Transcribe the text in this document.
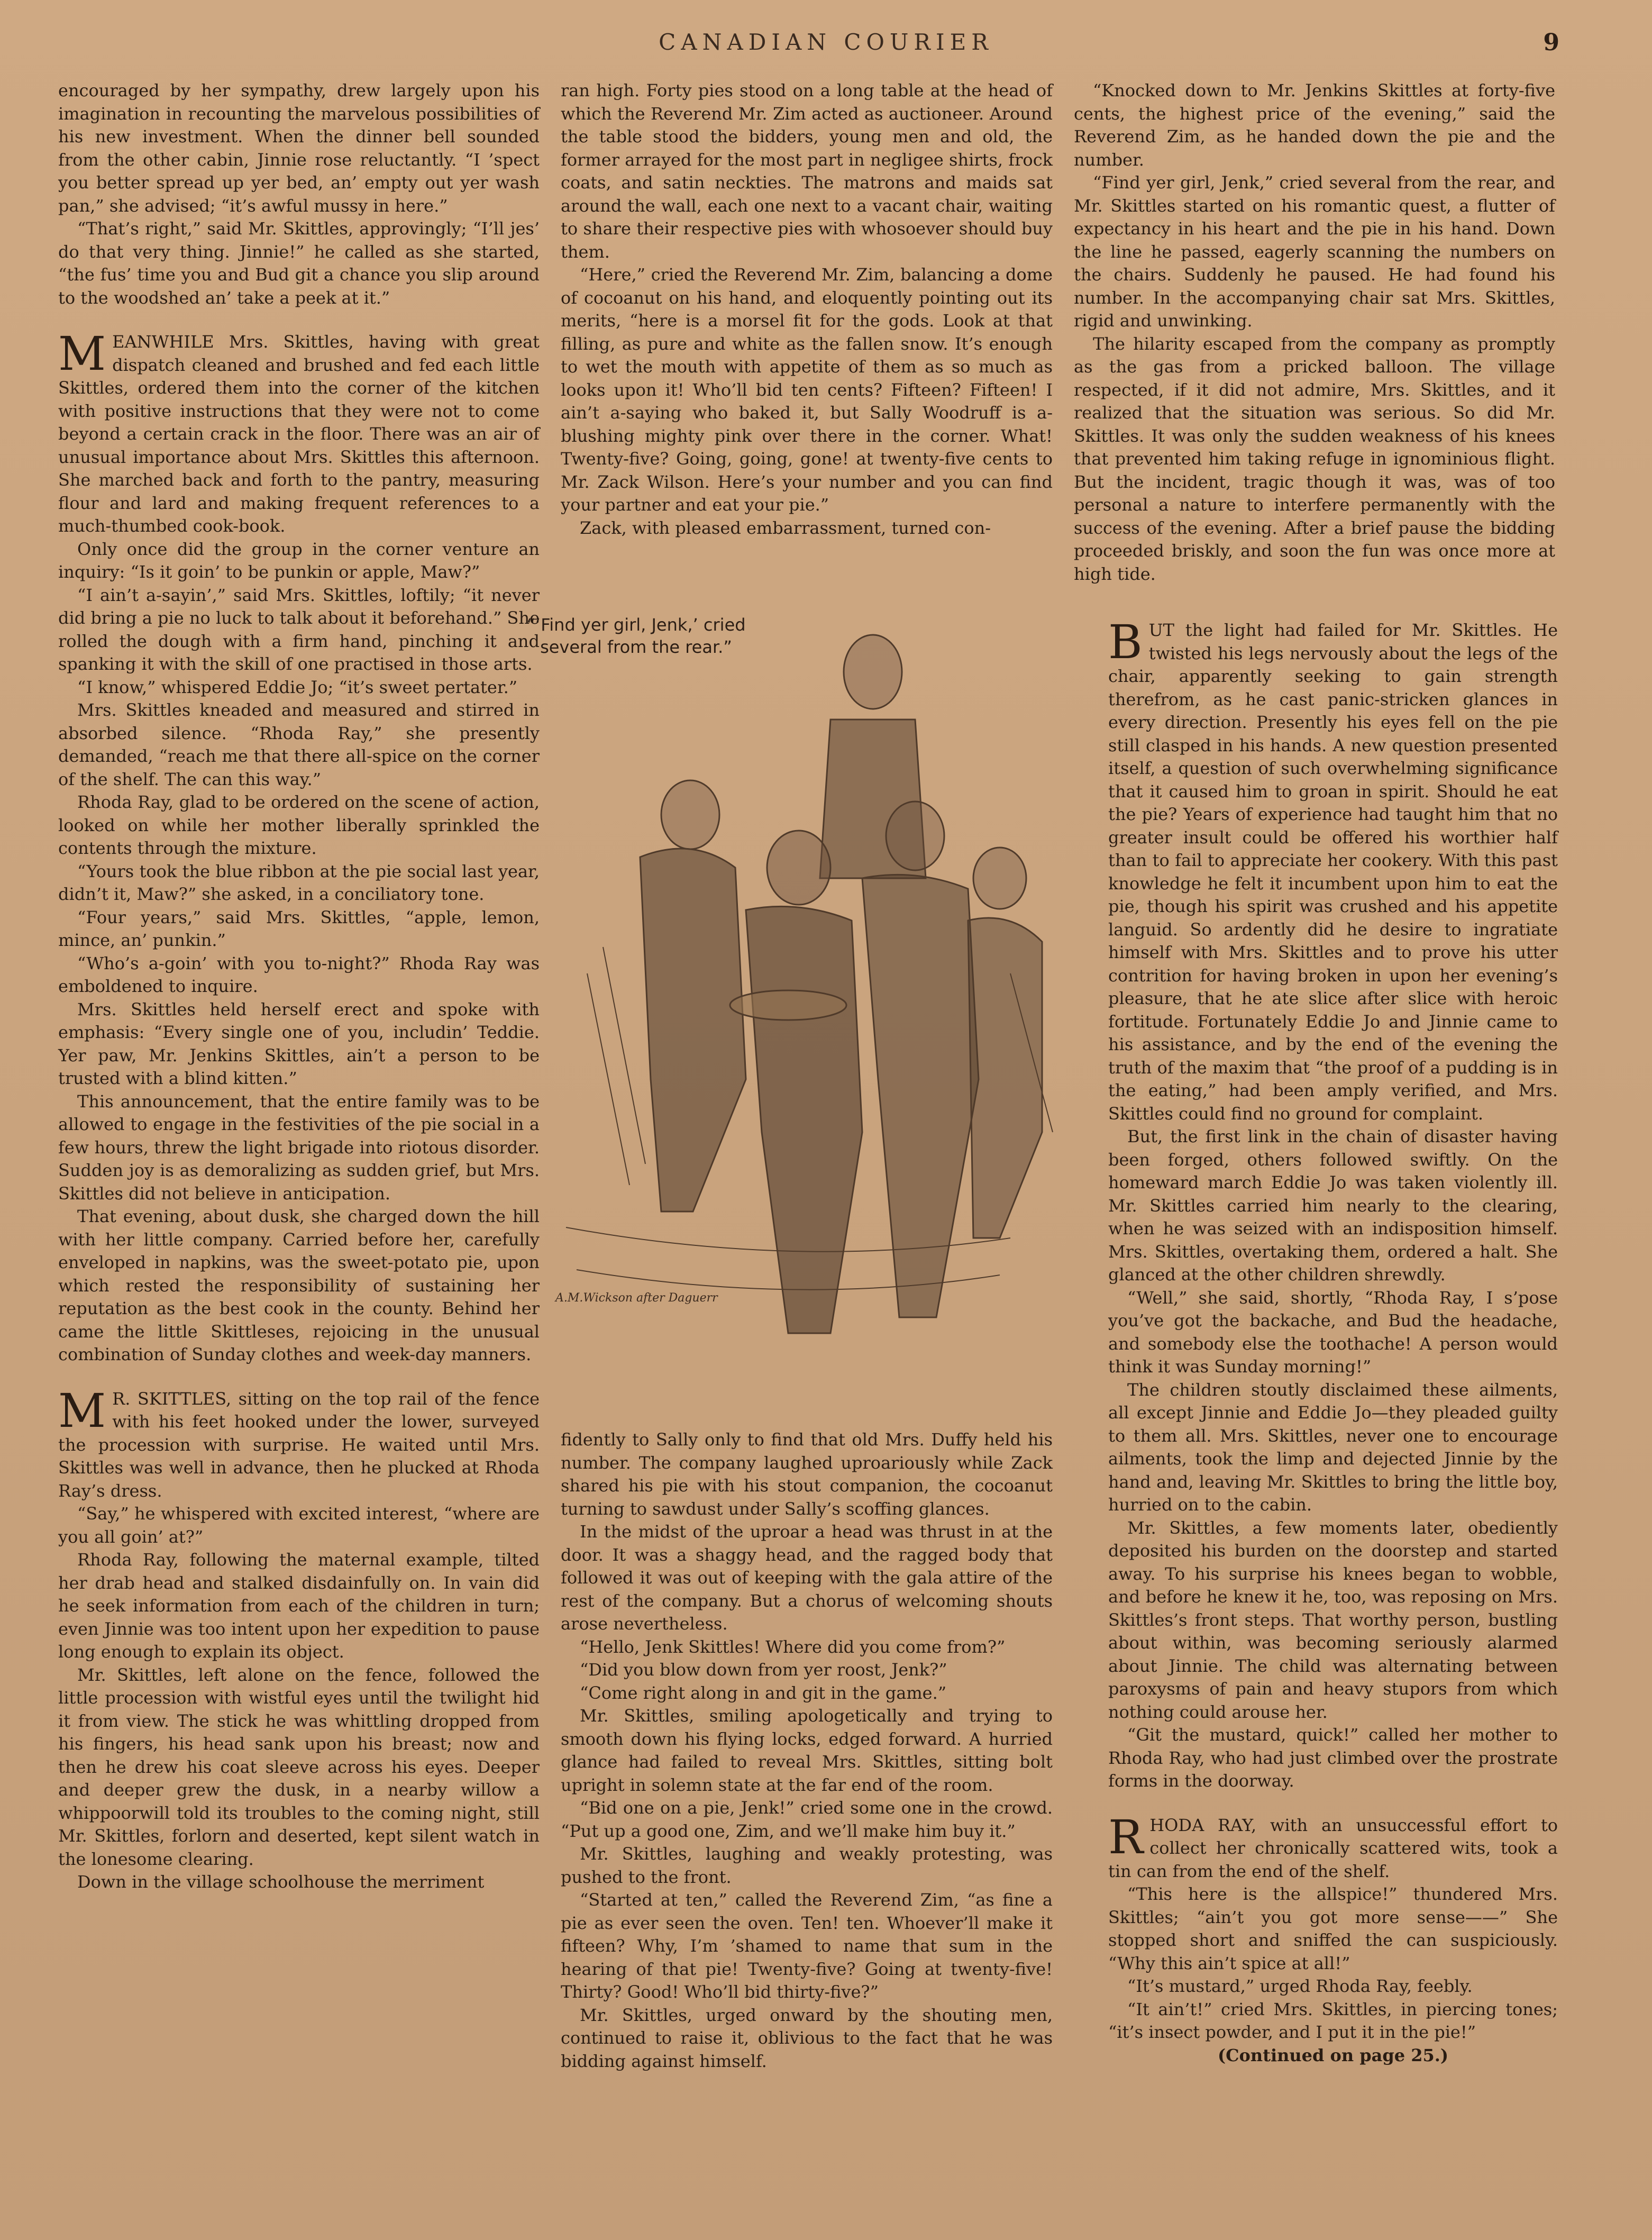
CANADIAN COURIER	9

encouraged by her sympathy, drew largely upon his imagination in recounting the marvelous possibilities of his new investment. When the dinner bell sounded from the other cabin, Jinnie rose reluctantly. “I ’spect you better spread up yer bed, an’ empty out yer wash pan,” she advised; “it’s awful mussy in here.”

“That’s right,” said Mr. Skittles, approvingly; “I’ll jes’ do that very thing. Jinnie!” he called as she started, “the fus’ time you and Bud git a chance you slip around to the woodshed an’ take a peek at it.”

MEANWHILE Mrs. Skittles, having with great dispatch cleaned and brushed and fed each little Skittles, ordered them into the corner of the kitchen with positive instructions that they were not to come beyond a certain crack in the floor. There was an air of unusual importance about Mrs. Skittles this afternoon. She marched back and forth to the pantry, measuring flour and lard and making frequent references to a much-thumbed cook-book.

Only once did the group in the corner venture an inquiry: “Is it goin’ to be punkin or apple, Maw?”

“I ain’t a-sayin’,” said Mrs. Skittles, loftily; “it never did bring a pie no luck to talk about it beforehand.” She rolled the dough with a firm hand, pinching it and spanking it with the skill of one practised in those arts.

“I know,” whispered Eddie Jo; “it’s sweet pertater.”

Mrs. Skittles kneaded and measured and stirred in absorbed silence. “Rhoda Ray,” she presently demanded, “reach me that there all-spice on the corner of the shelf. The can this way.”

Rhoda Ray, glad to be ordered on the scene of action, looked on while her mother liberally sprinkled the contents through the mixture.

“Yours took the blue ribbon at the pie social last year, didn’t it, Maw?” she asked, in a conciliatory tone.

“Four years,” said Mrs. Skittles, “apple, lemon, mince, an’ punkin.”

“Who’s a-goin’ with you to-night?” Rhoda Ray was emboldened to inquire.

Mrs. Skittles held herself erect and spoke with emphasis: “Every single one of you, includin’ Teddie. Yer paw, Mr. Jenkins Skittles, ain’t a person to be trusted with a blind kitten.”

This announcement, that the entire family was to be allowed to engage in the festivities of the pie social in a few hours, threw the light brigade into riotous disorder. Sudden joy is as demoralizing as sudden grief, but Mrs. Skittles did not believe in anticipation.

That evening, about dusk, she charged down the hill with her little company. Carried before her, carefully enveloped in napkins, was the sweet-potato pie, upon which rested the responsibility of sustaining her reputation as the best cook in the county. Behind her came the little Skittleses, rejoicing in the unusual combination of Sunday clothes and week-day manners.

M R. SKITTLES, sitting on the top rail of the fence with his feet hooked under the lower, surveyed the procession with surprise. He waited until Mrs. Skittles was well in advance, then he plucked at Rhoda Ray’s dress.

“Say,” he whispered with excited interest, “where are you all goin’ at?”

Rhoda Ray, following the maternal example, tilted her drab head and stalked disdainfully on. In vain did he seek information from each of the children in turn; even Jinnie was too intent upon her expedition to pause long enough to explain its object.

Mr. Skittles, left alone on the fence, followed the little procession with wistful eyes until the twilight hid it from view. The stick he was whittling dropped from his fingers, his head sank upon his breast; now and then he drew his coat sleeve across his eyes. Deeper and deeper grew the dusk, in a nearby willow a whippoorwill told its troubles to the coming night, still Mr. Skittles, forlorn and deserted, kept silent watch in the lonesome clearing.

Down in the village schoolhouse the merriment

ran high. Forty pies stood on a long table at the head of which the Reverend Mr. Zim acted as auctioneer. Around the table stood the bidders, young men and old, the former arrayed for the most part in negligee shirts, frock coats, and satin neckties. The matrons and maids sat around the wall, each one next to a vacant chair, waiting to share their respective pies with whosoever should buy them.

“Here,” cried the Reverend Mr. Zim, balancing a dome of cocoanut on his hand, and eloquently pointing out its merits, “here is a morsel fit for the gods. Look at that filling, as pure and white as the fallen snow. It’s enough to wet the mouth with appetite of them as so much as looks upon it! Who’ll bid ten cents? Fifteen? Fifteen! I ain’t a-saying who baked it, but Sally Woodruff is a-blushing mighty pink over there in the corner. What! Twenty-five? Going, going, gone! at twenty-five cents to Mr. Zack Wilson. Here’s your number and you can find your partner and eat your pie.”

Zack, with pleased embarrassment, turned con-

A.M.Wickson after Daguerr
“‘Find yer girl, Jenk,’ cried several from the rear.”

fidently to Sally only to find that old Mrs. Duffy held his number. The company laughed uproariously while Zack shared his pie with his stout companion, the cocoanut turning to sawdust under Sally’s scoffing glances.

In the midst of the uproar a head was thrust in at the door. It was a shaggy head, and the ragged body that followed it was out of keeping with the gala attire of the rest of the company. But a chorus of welcoming shouts arose nevertheless.

“Hello, Jenk Skittles! Where did you come from?”

“Did you blow down from yer roost, Jenk?”

“Come right along in and git in the game.”

Mr. Skittles, smiling apologetically and trying to smooth down his flying locks, edged forward. A hurried glance had failed to reveal Mrs. Skittles, sitting bolt upright in solemn state at the far end of the room.

“Bid one on a pie, Jenk!” cried some one in the crowd. “Put up a good one, Zim, and we’ll make him buy it.”

Mr. Skittles, laughing and weakly protesting, was pushed to the front.

“Started at ten,” called the Reverend Zim, “as fine a pie as ever seen the oven. Ten! ten. Whoever’ll make it fifteen? Why, I’m ’shamed to name that sum in the hearing of that pie! Twenty-five? Going at twenty-five! Thirty? Good! Who’ll bid thirty-five?”

Mr. Skittles, urged onward by the shouting men, continued to raise it, oblivious to the fact that he was bidding against himself.

“Knocked down to Mr. Jenkins Skittles at forty-five cents, the highest price of the evening,” said the Reverend Zim, as he handed down the pie and the number.

“Find yer girl, Jenk,” cried several from the rear, and Mr. Skittles started on his romantic quest, a flutter of expectancy in his heart and the pie in his hand. Down the line he passed, eagerly scanning the numbers on the chairs. Suddenly he paused. He had found his number. In the accompanying chair sat Mrs. Skittles, rigid and unwinking.

The hilarity escaped from the company as promptly as the gas from a pricked balloon. The village respected, if it did not admire, Mrs. Skittles, and it realized that the situation was serious. So did Mr. Skittles. It was only the sudden weakness of his knees that prevented him taking refuge in ignominious flight. But the incident, tragic though it was, was of too personal a nature to interfere permanently with the success of the evening. After a brief pause the bidding proceeded briskly, and soon the fun was once more at high tide.

BUT the light had failed for Mr. Skittles. He twisted his legs nervously about the legs of the chair, apparently seeking to gain strength therefrom, as he cast panic-stricken glances in every direction. Presently his eyes fell on the pie still clasped in his hands. A new question presented itself, a question of such overwhelming significance that it caused him to groan in spirit. Should he eat the pie? Years of experience had taught him that no greater insult could be offered his worthier half than to fail to appreciate her cookery. With this past knowledge he felt it incumbent upon him to eat the pie, though his spirit was crushed and his appetite languid. So ardently did he desire to ingratiate himself with Mrs. Skittles and to prove his utter contrition for having broken in upon her evening’s pleasure, that he ate slice after slice with heroic fortitude. Fortunately Eddie Jo and Jinnie came to his assistance, and by the end of the evening the truth of the maxim that “the proof of a pudding is in the eating,” had been amply verified, and Mrs. Skittles could find no ground for complaint.

But, the first link in the chain of disaster having been forged, others followed swiftly. On the homeward march Eddie Jo was taken violently ill. Mr. Skittles carried him nearly to the clearing, when he was seized with an indisposition himself. Mrs. Skittles, overtaking them, ordered a halt. She glanced at the other children shrewdly.

“Well,” she said, shortly, “Rhoda Ray, I s’pose you’ve got the backache, and Bud the headache, and somebody else the toothache! A person would think it was Sunday morning!”

The children stoutly disclaimed these ailments, all except Jinnie and Eddie Jo—they pleaded guilty to them all. Mrs. Skittles, never one to encourage ailments, took the limp and dejected Jinnie by the hand and, leaving Mr. Skittles to bring the little boy, hurried on to the cabin.

Mr. Skittles, a few moments later, obediently deposited his burden on the doorstep and started away. To his surprise his knees began to wobble, and before he knew it he, too, was reposing on Mrs. Skittles’s front steps. That worthy person, bustling about within, was becoming seriously alarmed about Jinnie. The child was alternating between paroxysms of pain and heavy stupors from which nothing could arouse her.

“Git the mustard, quick!” called her mother to Rhoda Ray, who had just climbed over the prostrate forms in the doorway.

RHODA RAY, with an unsuccessful effort to collect her chronically scattered wits, took a tin can from the end of the shelf.

“This here is the allspice!” thundered Mrs. Skittles; “ain’t you got more sense——” She stopped short and sniffed the can suspiciously. “Why this ain’t spice at all!”

“It’s mustard,” urged Rhoda Ray, feebly.

“It ain’t!” cried Mrs. Skittles, in piercing tones; “it’s insect powder, and I put it in the pie!”

(Continued on page 25.)
